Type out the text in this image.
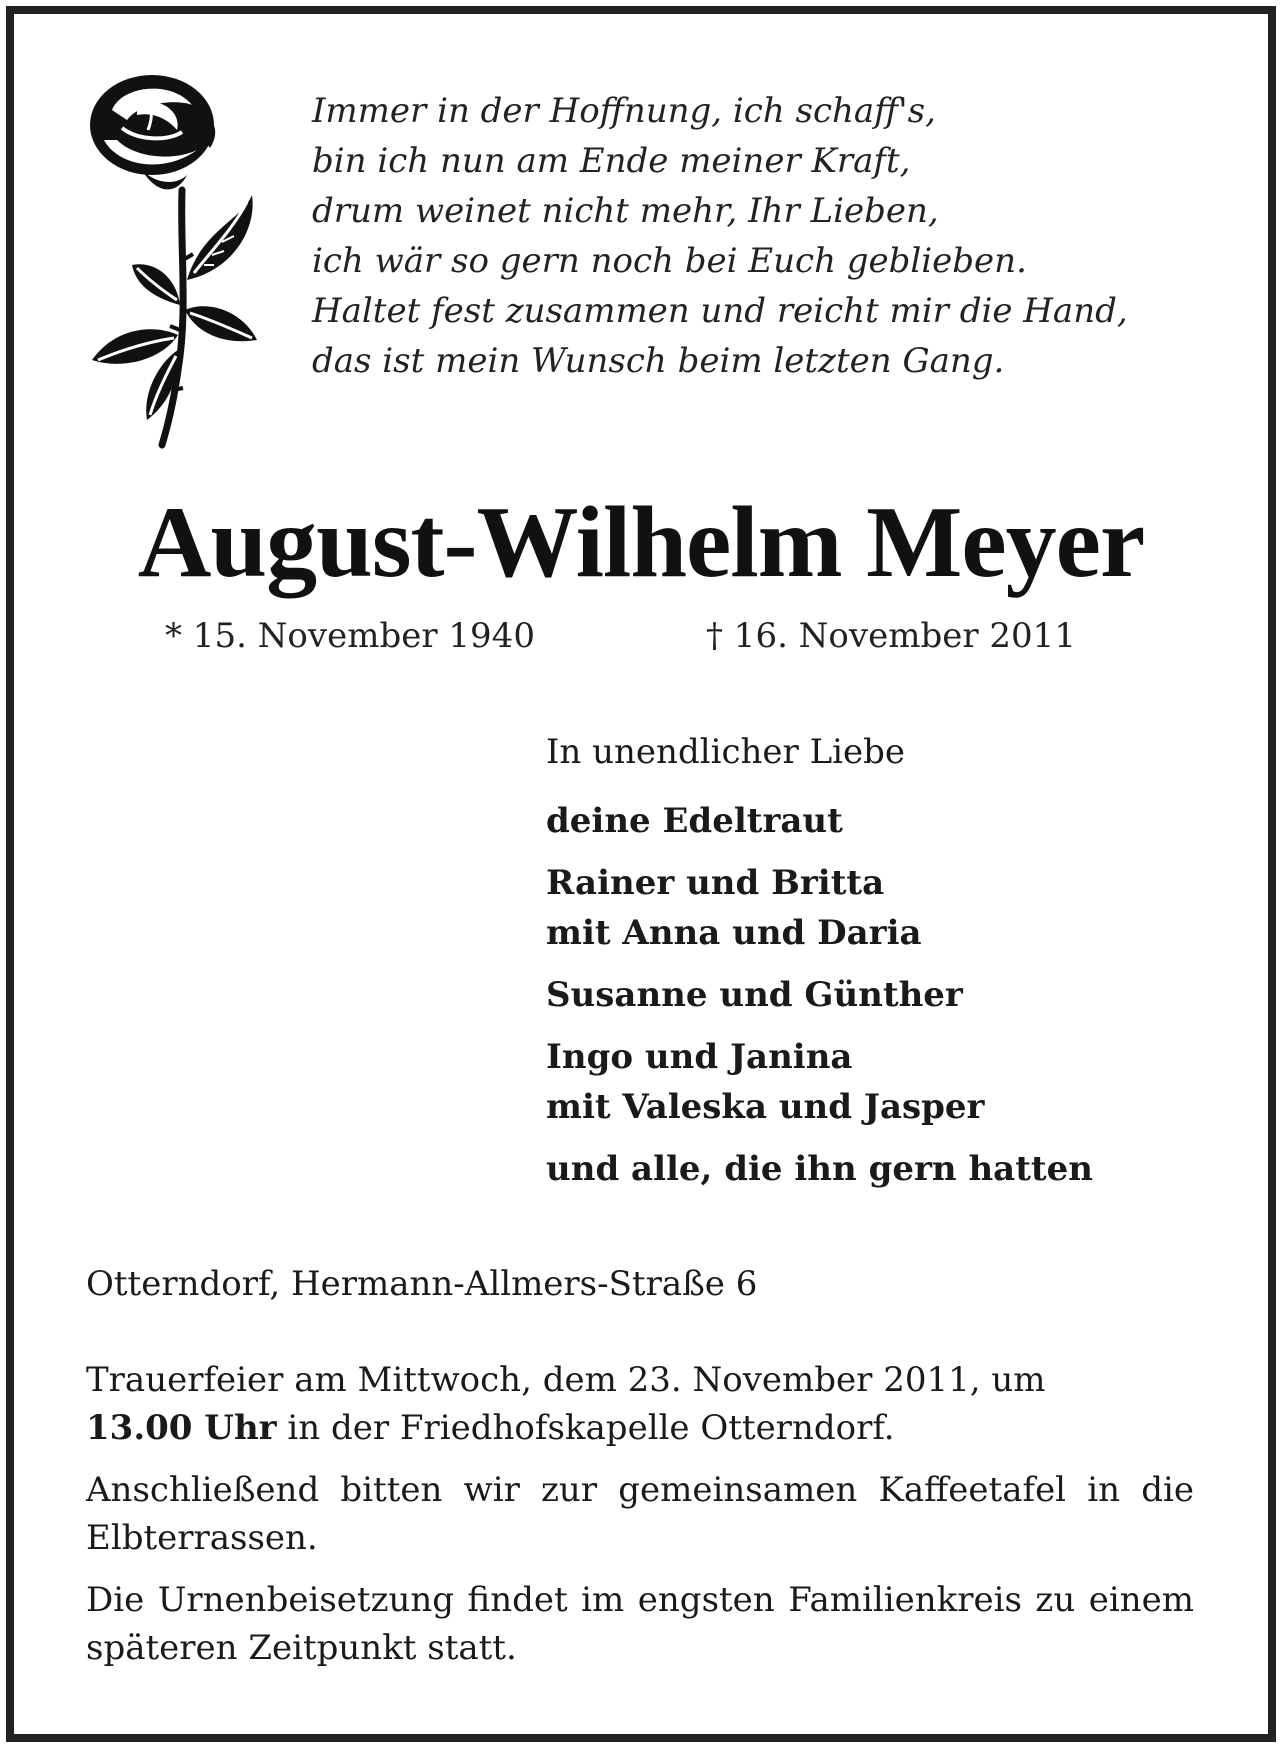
Immer in der Hoffnung, ich schaff's,
bin ich nun am Ende meiner Kraft,
drum weinet nicht mehr, Ihr Lieben,
ich wär so gern noch bei Euch geblieben.
Haltet fest zusammen und reicht mir die Hand,
das ist mein Wunsch beim letzten Gang.
August-Wilhelm Meyer
* 15. November 1940	† 16. November 2011
In unendlicher Liebe
deine Edeltraut
Rainer und Britta
mit Anna und Daria
Susanne und Günther
Ingo und Janina
mit Valeska und Jasper
und alle, die ihn gern hatten
Otterndorf, Hermann-Allmers-Straße 6

Trauerfeier am Mittwoch, dem 23. November 2011, um
13.00 Uhr in der Friedhofskapelle Otterndorf.

Anschließend bitten wir zur gemeinsamen Kaffeetafel in die Elbterrassen.

Die Urnenbeisetzung findet im engsten Familienkreis zu einem späteren Zeitpunkt statt.
